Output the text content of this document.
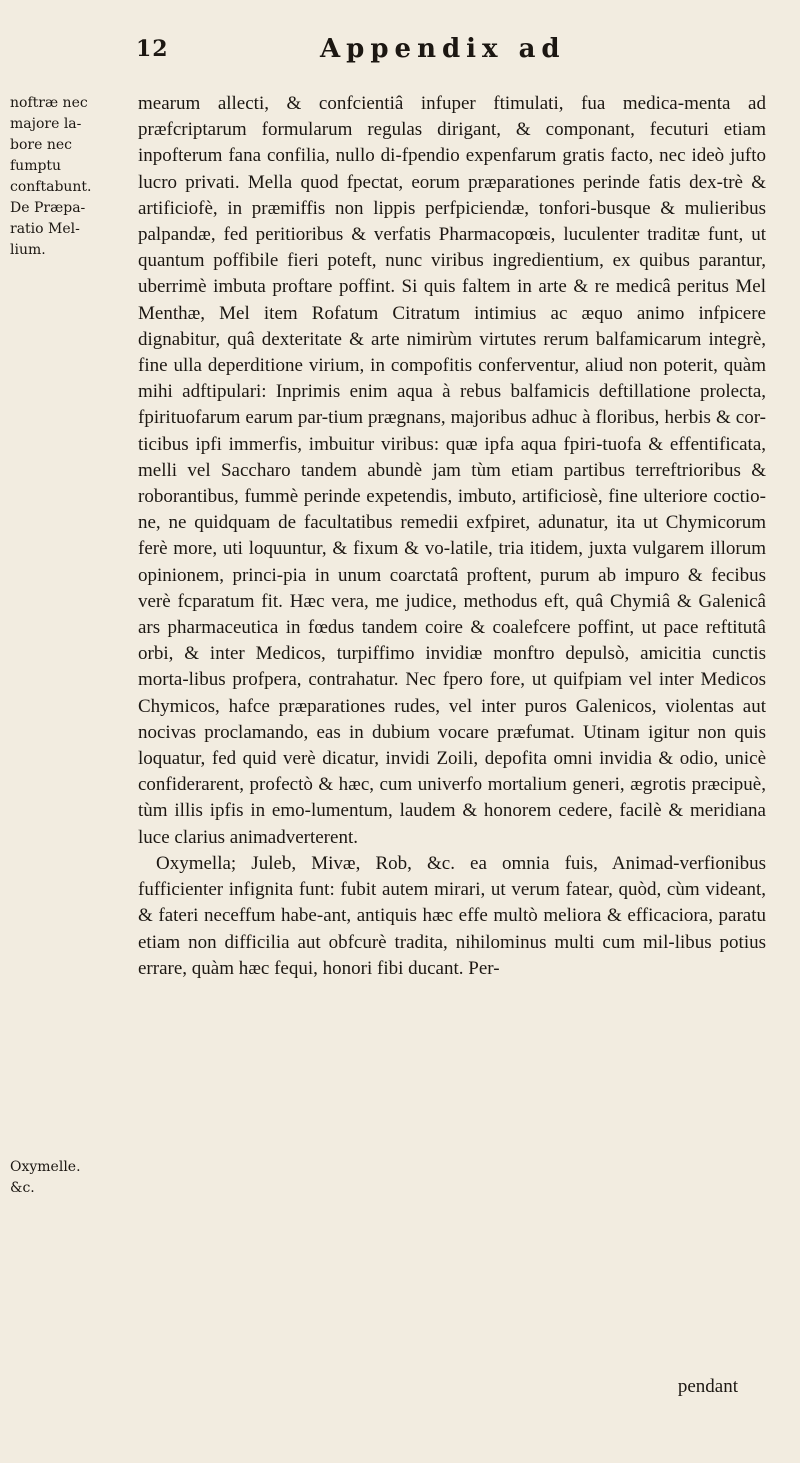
12	Appendix ad
noftræ nec
majore la-
bore nec
fumptu
conftabunt.
De Præpa-
ratio Mel-
lium.
Oxymelle.
&c.

mearum allecti, & confcientiâ infuper ftimulati, fua medica-menta ad præfcriptarum formularum regulas dirigant, & componant, fecuturi etiam inpofterum fana confilia, nullo di-fpendio expenfarum gratis facto, nec ideò jufto lucro privati. Mella quod fpectat, eorum præparationes perinde fatis dex-trè & artificiofè, in præmiffis non lippis perfpiciendæ, tonfori-busque & mulieribus palpandæ, fed peritioribus & verfatis Pharmacopœis, luculenter traditæ funt, ut quantum poffibile fieri poteft, nunc viribus ingredientium, ex quibus parantur, uberrimè imbuta proftare poffint. Si quis faltem in arte & re medicâ peritus Mel Menthæ, Mel item Rofatum Citratum intimius ac æquo animo infpicere dignabitur, quâ dexteritate & arte nimirùm virtutes rerum balfamicarum integrè, fine ulla deperditione virium, in compofitis conferventur, aliud non poterit, quàm mihi adftipulari: Inprimis enim aqua à rebus balfamicis deftillatione prolecta, fpirituofarum earum par-tium prægnans, majoribus adhuc à floribus, herbis & cor-ticibus ipfi immerfis, imbuitur viribus: quæ ipfa aqua fpiri-tuofa & effentificata, melli vel Sacchаro tandem abundè jam tùm etiam partibus terreftrioribus & roborantibus, fummè perinde expetendis, imbuto, artificiosè, fine ulteriore coctio-ne, ne quidquam de facultatibus remedii exfpiret, adunatur, ita ut Chymicorum ferè more, uti loquuntur, & fixum & vo-latile, tria itidem, juxta vulgarem illorum opinionem, princi-pia in unum coarctatâ proftent, purum ab impuro & fecibus verè fcparatum fit. Hæc vera, me judice, methodus eft, quâ Chymiâ & Galenicâ ars pharmaceutica in fœdus tandem coire & coalefcere poffint, ut pace reftitutâ orbi, & inter Medicos, turpiffimo invidiæ monftro depulsò, amicitia cunctis morta-libus profpera, contrahatur. Nec fpero fore, ut quifpiam vel inter Medicos Chymicos, hafce præparationes rudes, vel inter puros Galenicos, violentas aut nocivas proclamando, eas in dubium vocare præfumat. Utinam igitur non quis loquatur, fed quid verè dicatur, invidi Zoili, depofita omni invidia & odio, unicè confiderarent, profectò & hæc, cum univerfo mortalium generi, ægrotis præcipuè, tùm illis ipfis in emo-lumentum, laudem & honorem cedere, facilè & meridiana luce clarius animadverterent.

Oxymella; Juleb, Mivæ, Rob, &c. ea omnia fuis, Animad-verfionibus fufficienter infignita funt: fubit autem mirari, ut verum fatear, quòd, cùm videant, & fateri neceffum habe-ant, antiquis hæc effe multò meliora & efficaciora, paratu etiam non difficilia aut obfcurè tradita, nihilominus multi cum mil-libus potius errare, quàm hæc fequi, honori fibi ducant. Per-

pendant
